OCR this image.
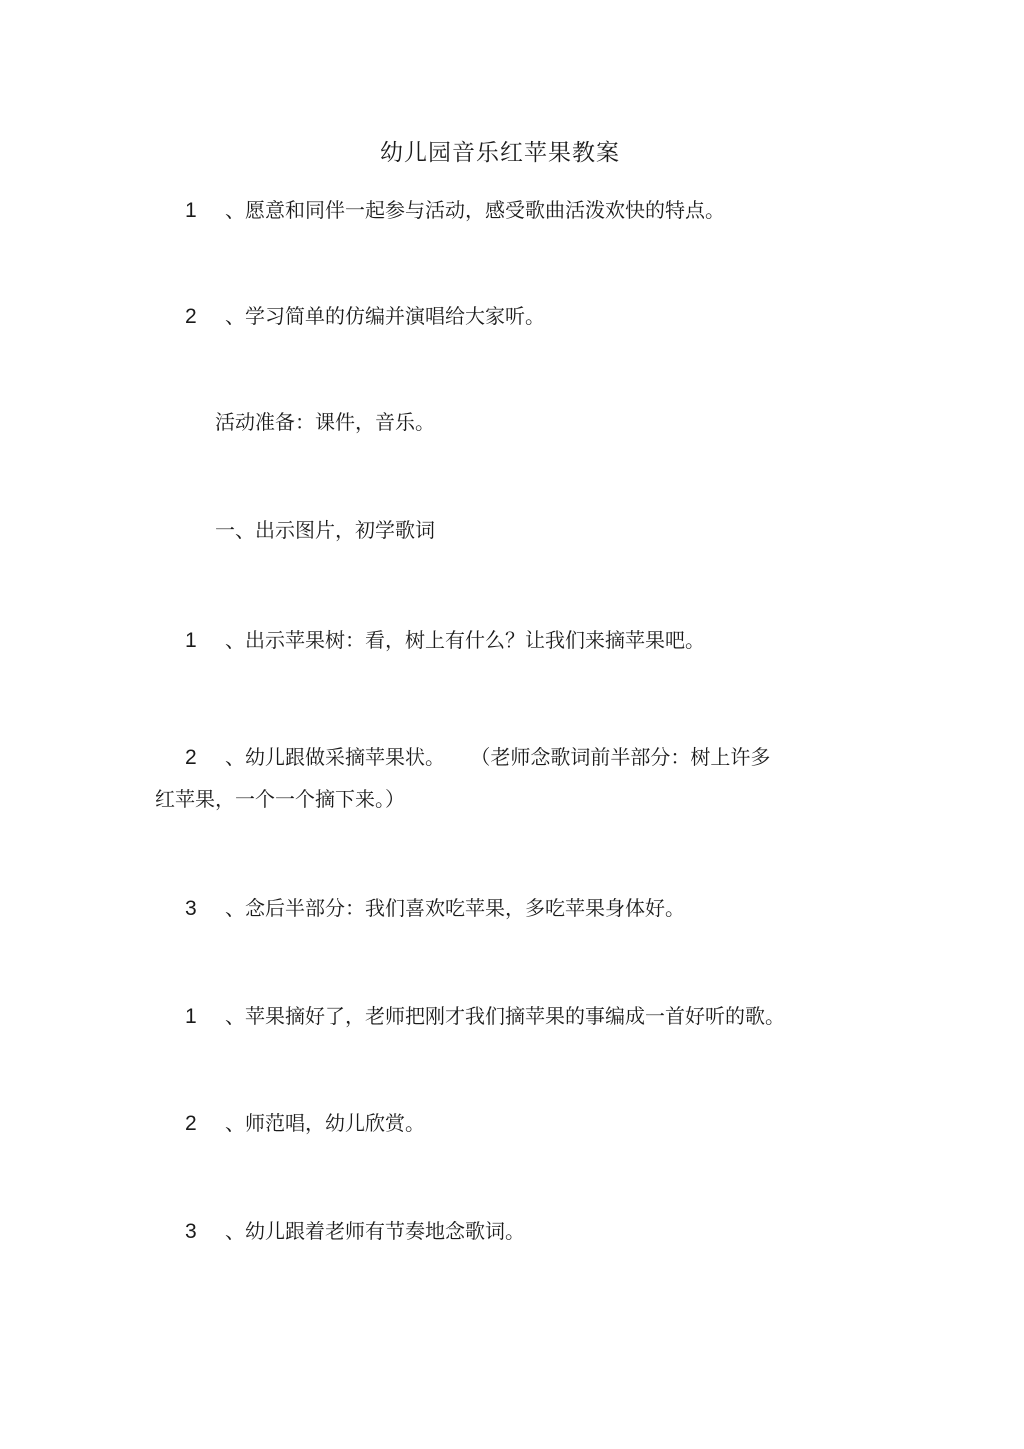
幼儿园音乐红苹果教案
1 、愿意和同伴一起参与活动，感受歌曲活泼欢快的特点。
2 、学习简单的仿编并演唱给大家听。
活动准备：课件，音乐。
一、出示图片，初学歌词
1 、出示苹果树：看，树上有什么？让我们来摘苹果吧。
2 、幼儿跟做采摘苹果状。    （老师念歌词前半部分：树上许多
红苹果，一个一个摘下来。）
3 、念后半部分：我们喜欢吃苹果，多吃苹果身体好。
1 、苹果摘好了，老师把刚才我们摘苹果的事编成一首好听的歌。
2 、师范唱，幼儿欣赏。
3 、幼儿跟着老师有节奏地念歌词。
